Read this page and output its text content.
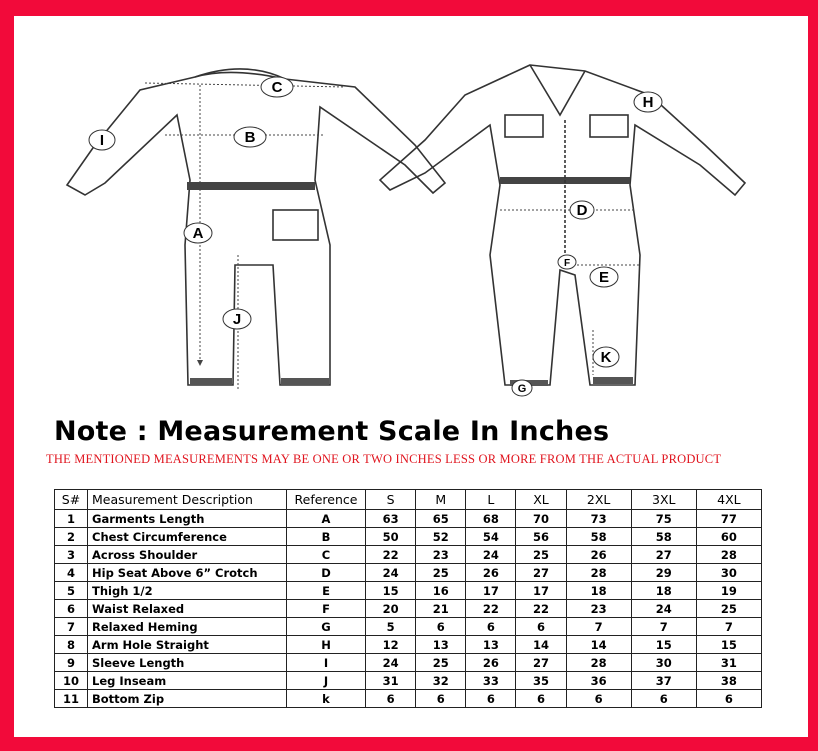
C
B
I
A
J
H
D
F
E
K
G
Note : Measurement Scale In Inches
THE MENTIONED MEASUREMENTS MAY BE ONE OR TWO INCHES LESS OR MORE FROM THE ACTUAL PRODUCT
S#	Measurement Description	Reference	S	M	L	XL	2XL	3XL	4XL
1	Garments Length	A	63	65	68	70	73	75	77
2	Chest Circumference	B	50	52	54	56	58	58	60
3	Across Shoulder	C	22	23	24	25	26	27	28
4	Hip Seat Above 6” Crotch	D	24	25	26	27	28	29	30
5	Thigh 1/2	E	15	16	17	17	18	18	19
6	Waist Relaxed	F	20	21	22	22	23	24	25
7	Relaxed Heming	G	5	6	6	6	7	7	7
8	Arm Hole Straight	H	12	13	13	14	14	15	15
9	Sleeve Length	I	24	25	26	27	28	30	31
10	Leg Inseam	J	31	32	33	35	36	37	38
11	Bottom Zip	k	6	6	6	6	6	6	6
